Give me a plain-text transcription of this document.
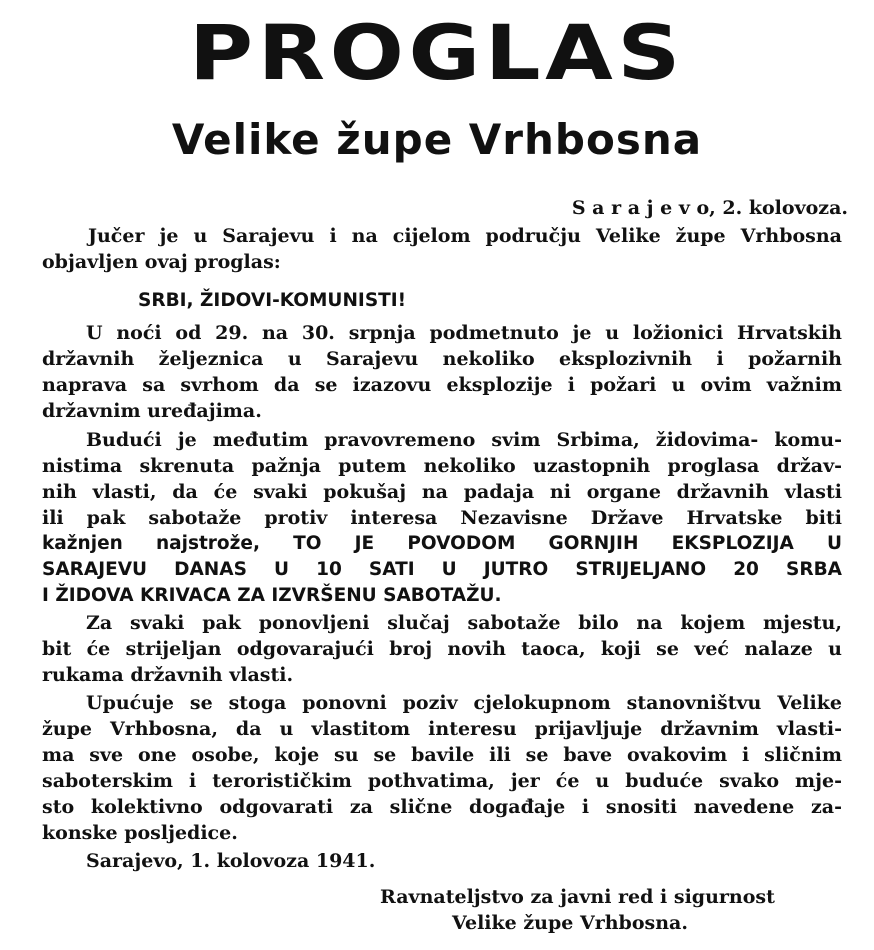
PROGLAS
Velike župe Vrhbosna
S a r a j e v o, 2. kolovoza.
Jučer je u Sarajevu i na cijelom području Velike župe Vrhbosna
objavljen ovaj proglas:
SRBI, ŽIDOVI-KOMUNISTI!
U noći od 29. na 30. srpnja podmetnuto je u ložionici Hrvatskih
državnih željeznica u Sarajevu nekoliko eksplozivnih i požarnih
naprava sa svrhom da se izazovu eksplozije i požari u ovim važnim
državnim uređajima.
Budući je međutim pravovremeno svim Srbima, židovima- komu-
nistima skrenuta pažnja putem nekoliko uzastopnih proglasa držav-
nih vlasti, da će svaki pokušaj na padaja ni organe državnih vlasti
ili pak sabotaže protiv interesa Nezavisne Države Hrvatske biti
kažnjen najstrože, TO JE POVODOM GORNJIH EKSPLOZIJA U
SARAJEVU DANAS U 10 SATI U JUTRO STRIJELJANO 20 SRBA
I ŽIDOVA KRIVACA ZA IZVRŠENU SABOTAŽU.
Za svaki pak ponovljeni slučaj sabotaže bilo na kojem mjestu,
bit će strijeljan odgovarajući broj novih taoca, koji se već nalaze u
rukama državnih vlasti.
Upućuje se stoga ponovni poziv cjelokupnom stanovništvu Velike
župe Vrhbosna, da u vlastitom interesu prijavljuje državnim vlasti-
ma sve one osobe, koje su se bavile ili se bave ovakovim i sličnim
saboterskim i terorističkim pothvatima, jer će u buduće svako mje-
sto kolektivno odgovarati za slične događaje i snositi navedene za-
konske posljedice.
Sarajevo, 1. kolovoza 1941.
Ravnateljstvo za javni red i sigurnost
Velike župe Vrhbosna.
